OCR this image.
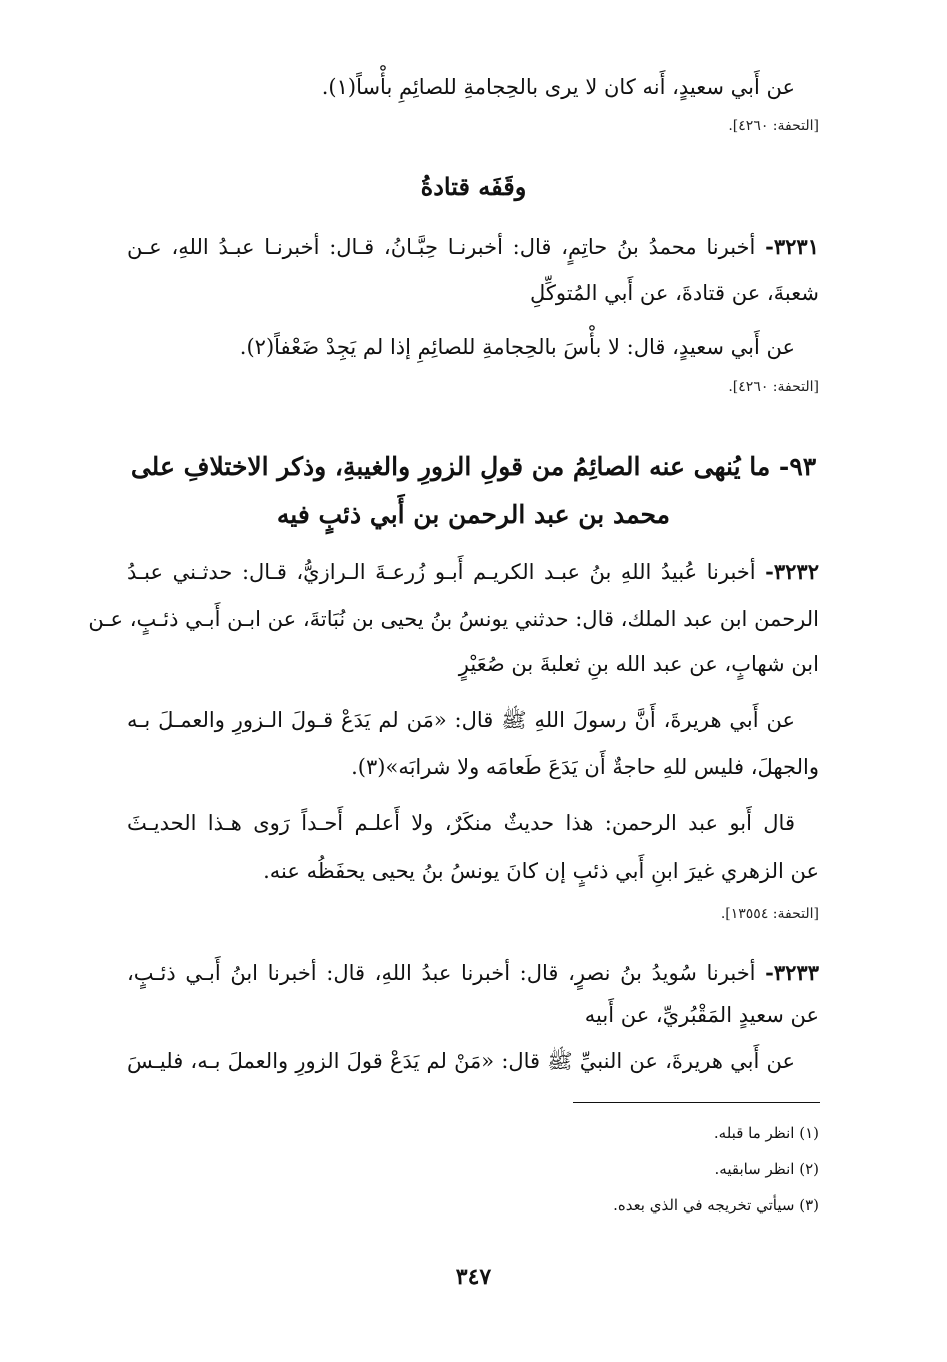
عن أَبي سعيدٍ، أَنه كان لا يرى بالحِجامةِ للصائِمِ بأْساً(١).
[التحفة: ٤٢٦٠].
وقَفَه قتادةُ
٣٢٣١- أخبرنا محمدُ بنُ حاتِمٍ، قال: أخبرنـا حِبَّـانُ، قـال: أخبرنـا عبـدُ اللهِ، عـن
شعبةَ، عن قتادةَ، عن أَبي المُتوكِّلِ
عن أَبي سعيدٍ، قال: لا بأْسَ بالحِجامةِ للصائِمِ إذا لم يَجِدْ ضَعْفاً(٢).
[التحفة: ٤٢٦٠].
٩٣- ما يُنهى عنه الصائِمُ من قولِ الزورِ والغيبةِ، وذكر الاختلافِ على
محمد بن عبد الرحمن بن أَبي ذئبٍ فيه
٣٢٣٢- أخبرنا عُبيدُ اللهِ بنُ عبـد الكريـم أَبـو زُرعـةَ الـرازيُّ، قـال: حدثـني عبـدُ
الرحمن ابن عبد الملك، قال: حدثني يونسُ بنُ يحيى بن نُبَاتةَ، عن ابـن أَبـي ذئـبٍ، عـن
ابن شهابٍ، عن عبد الله بنِ ثعلبةَ بن صُعَيْرٍ
عن أَبي هريرةَ، أَنَّ رسولَ اللهِ ﷺ قال: «مَن لم يَدَعْ قـولَ الـزورِ والعمـلَ بـه
والجهلَ، فليس للهِ حاجةٌ أَن يَدَعَ طَعامَه ولا شرابَه»(٣).
قال أَبو عبد الرحمن: هذا حديثٌ منكَرٌ، ولا أَعلـم أَحـداً رَوى هـذا الحديـثَ
عن الزهري غيرَ ابنِ أَبي ذئبٍ إن كانَ يونسُ بنُ يحيى يحفَظُه عنه.
[التحفة: ١٣٥٥٤].
٣٢٣٣- أخبرنا سُويدُ بنُ نصرٍ، قال: أخبرنا عبدُ اللهِ، قال: أخبرنا ابنُ أَبـي ذئـبٍ،
عن سعيدٍ المَقْبُريِّ، عن أَبيه
عن أَبي هريرةَ، عن النبيِّ ﷺ قال: «مَنْ لم يَدَعْ قولَ الزورِ والعملَ بـه، فليـسَ
(١) انظر ما قبله.
(٢) انظر سابقيه.
(٣) سيأتي تخريجه في الذي بعده.
٣٤٧
